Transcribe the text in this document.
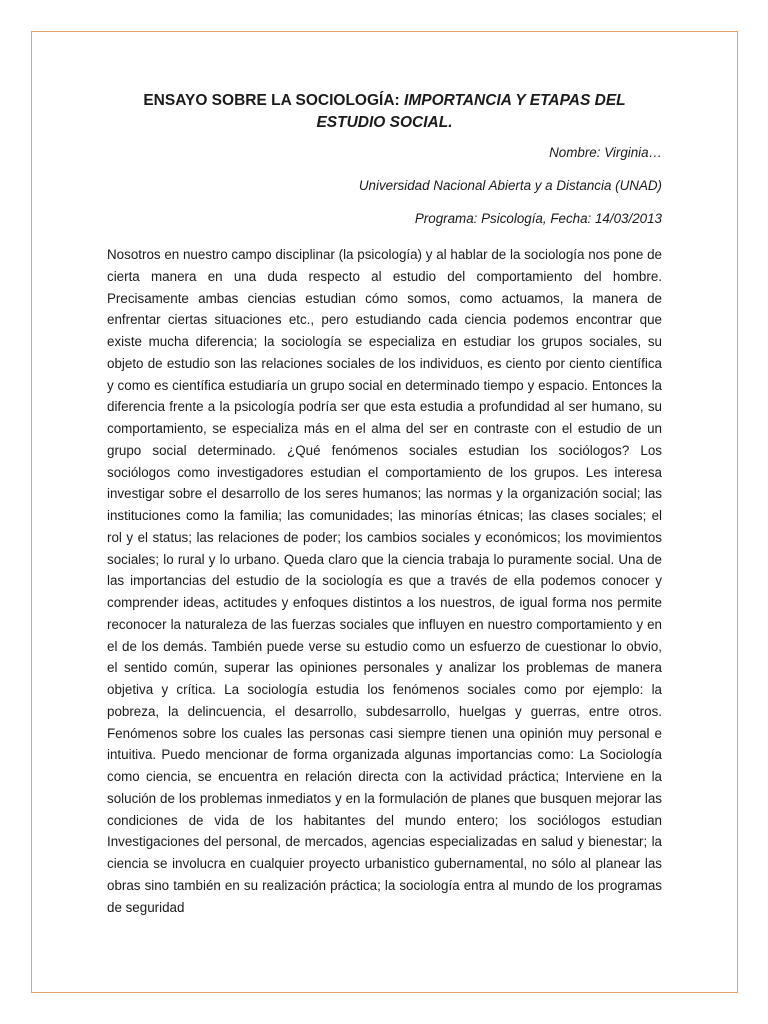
ENSAYO SOBRE LA SOCIOLOGÍA: IMPORTANCIA Y ETAPAS DEL ESTUDIO SOCIAL.

Nombre: Virginia…

Universidad Nacional Abierta y a Distancia (UNAD)

Programa: Psicología, Fecha: 14/03/2013

Nosotros en nuestro campo disciplinar (la psicología) y al hablar de la sociología nos pone de cierta manera en una duda respecto al estudio del comportamiento del hombre. Precisamente ambas ciencias estudian cómo somos, como actuamos, la manera de enfrentar ciertas situaciones etc., pero estudiando cada ciencia podemos encontrar que existe mucha diferencia; la sociología se especializa en estudiar los grupos sociales, su objeto de estudio son las relaciones sociales de los individuos, es ciento por ciento científica y como es científica estudiaría un grupo social en determinado tiempo y espacio. Entonces la diferencia frente a la psicología podría ser que esta estudia a profundidad al ser humano, su comportamiento, se especializa más en el alma del ser en contraste con el estudio de un grupo social determinado. ¿Qué fenómenos sociales estudian los sociólogos? Los sociólogos como investigadores estudian el comportamiento de los grupos. Les interesa investigar sobre el desarrollo de los seres humanos; las normas y la organización social; las instituciones como la familia; las comunidades; las minorías étnicas; las clases sociales; el rol y el status; las relaciones de poder; los cambios sociales y económicos; los movimientos sociales; lo rural y lo urbano. Queda claro que la ciencia trabaja lo puramente social. Una de las importancias del estudio de la sociología es que a través de ella podemos conocer y comprender ideas, actitudes y enfoques distintos a los nuestros, de igual forma nos permite reconocer la naturaleza de las fuerzas sociales que influyen en nuestro comportamiento y en el de los demás. También puede verse su estudio como un esfuerzo de cuestionar lo obvio, el sentido común, superar las opiniones personales y analizar los problemas de manera objetiva y crítica. La sociología estudia los fenómenos sociales como por ejemplo: la pobreza, la delincuencia, el desarrollo, subdesarrollo, huelgas y guerras, entre otros. Fenómenos sobre los cuales las personas casi siempre tienen una opinión muy personal e intuitiva. Puedo mencionar de forma organizada algunas importancias como: La Sociología como ciencia, se encuentra en relación directa con la actividad práctica; Interviene en la solución de los problemas inmediatos y en la formulación de planes que busquen mejorar las condiciones de vida de los habitantes del mundo entero; los sociólogos estudian Investigaciones del personal, de mercados, agencias especializadas en salud y bienestar; la ciencia se involucra en cualquier proyecto urbanistico gubernamental, no sólo al planear las obras sino también en su realización práctica; la sociología entra al mundo de los programas de seguridad
